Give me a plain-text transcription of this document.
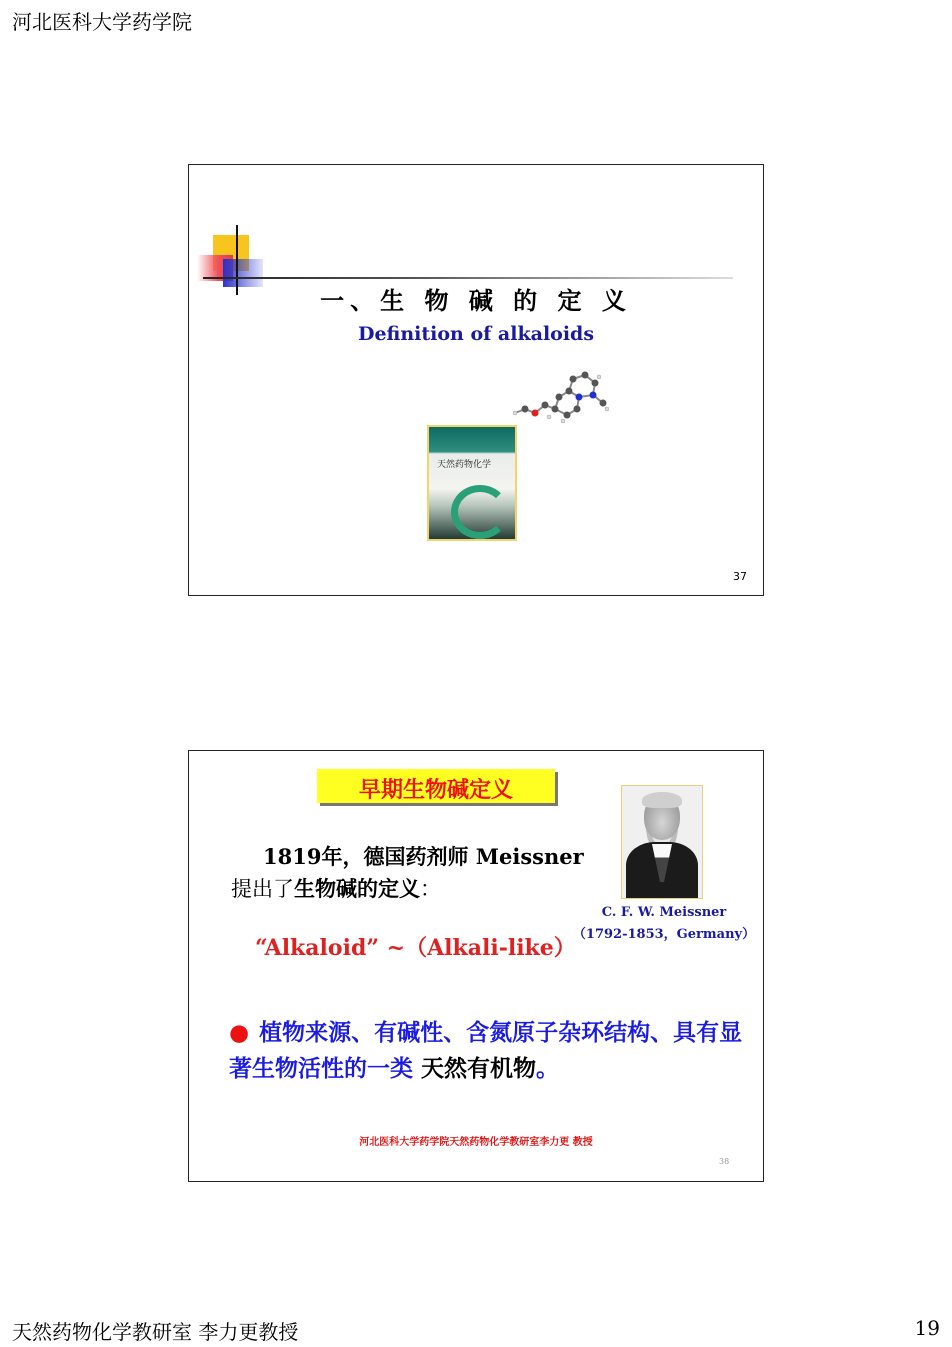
河北医科大学药学院
一、生 物 碱 的 定 义
Definition of alkaloids
天然药物化学
37
早期生物碱定义
1819年，德国药剂师 Meissner
提出了生物碱的定义：
“Alkaloid” ~（Alkali-like）
C. F. W. Meissner
（1792-1853，Germany）
● 植物来源、有碱性、含氮原子杂环结构、具有显著生物活性的一类 天然有机物。
河北医科大学药学院天然药物化学教研室李力更 教授
38
天然药物化学教研室 李力更教授	19
